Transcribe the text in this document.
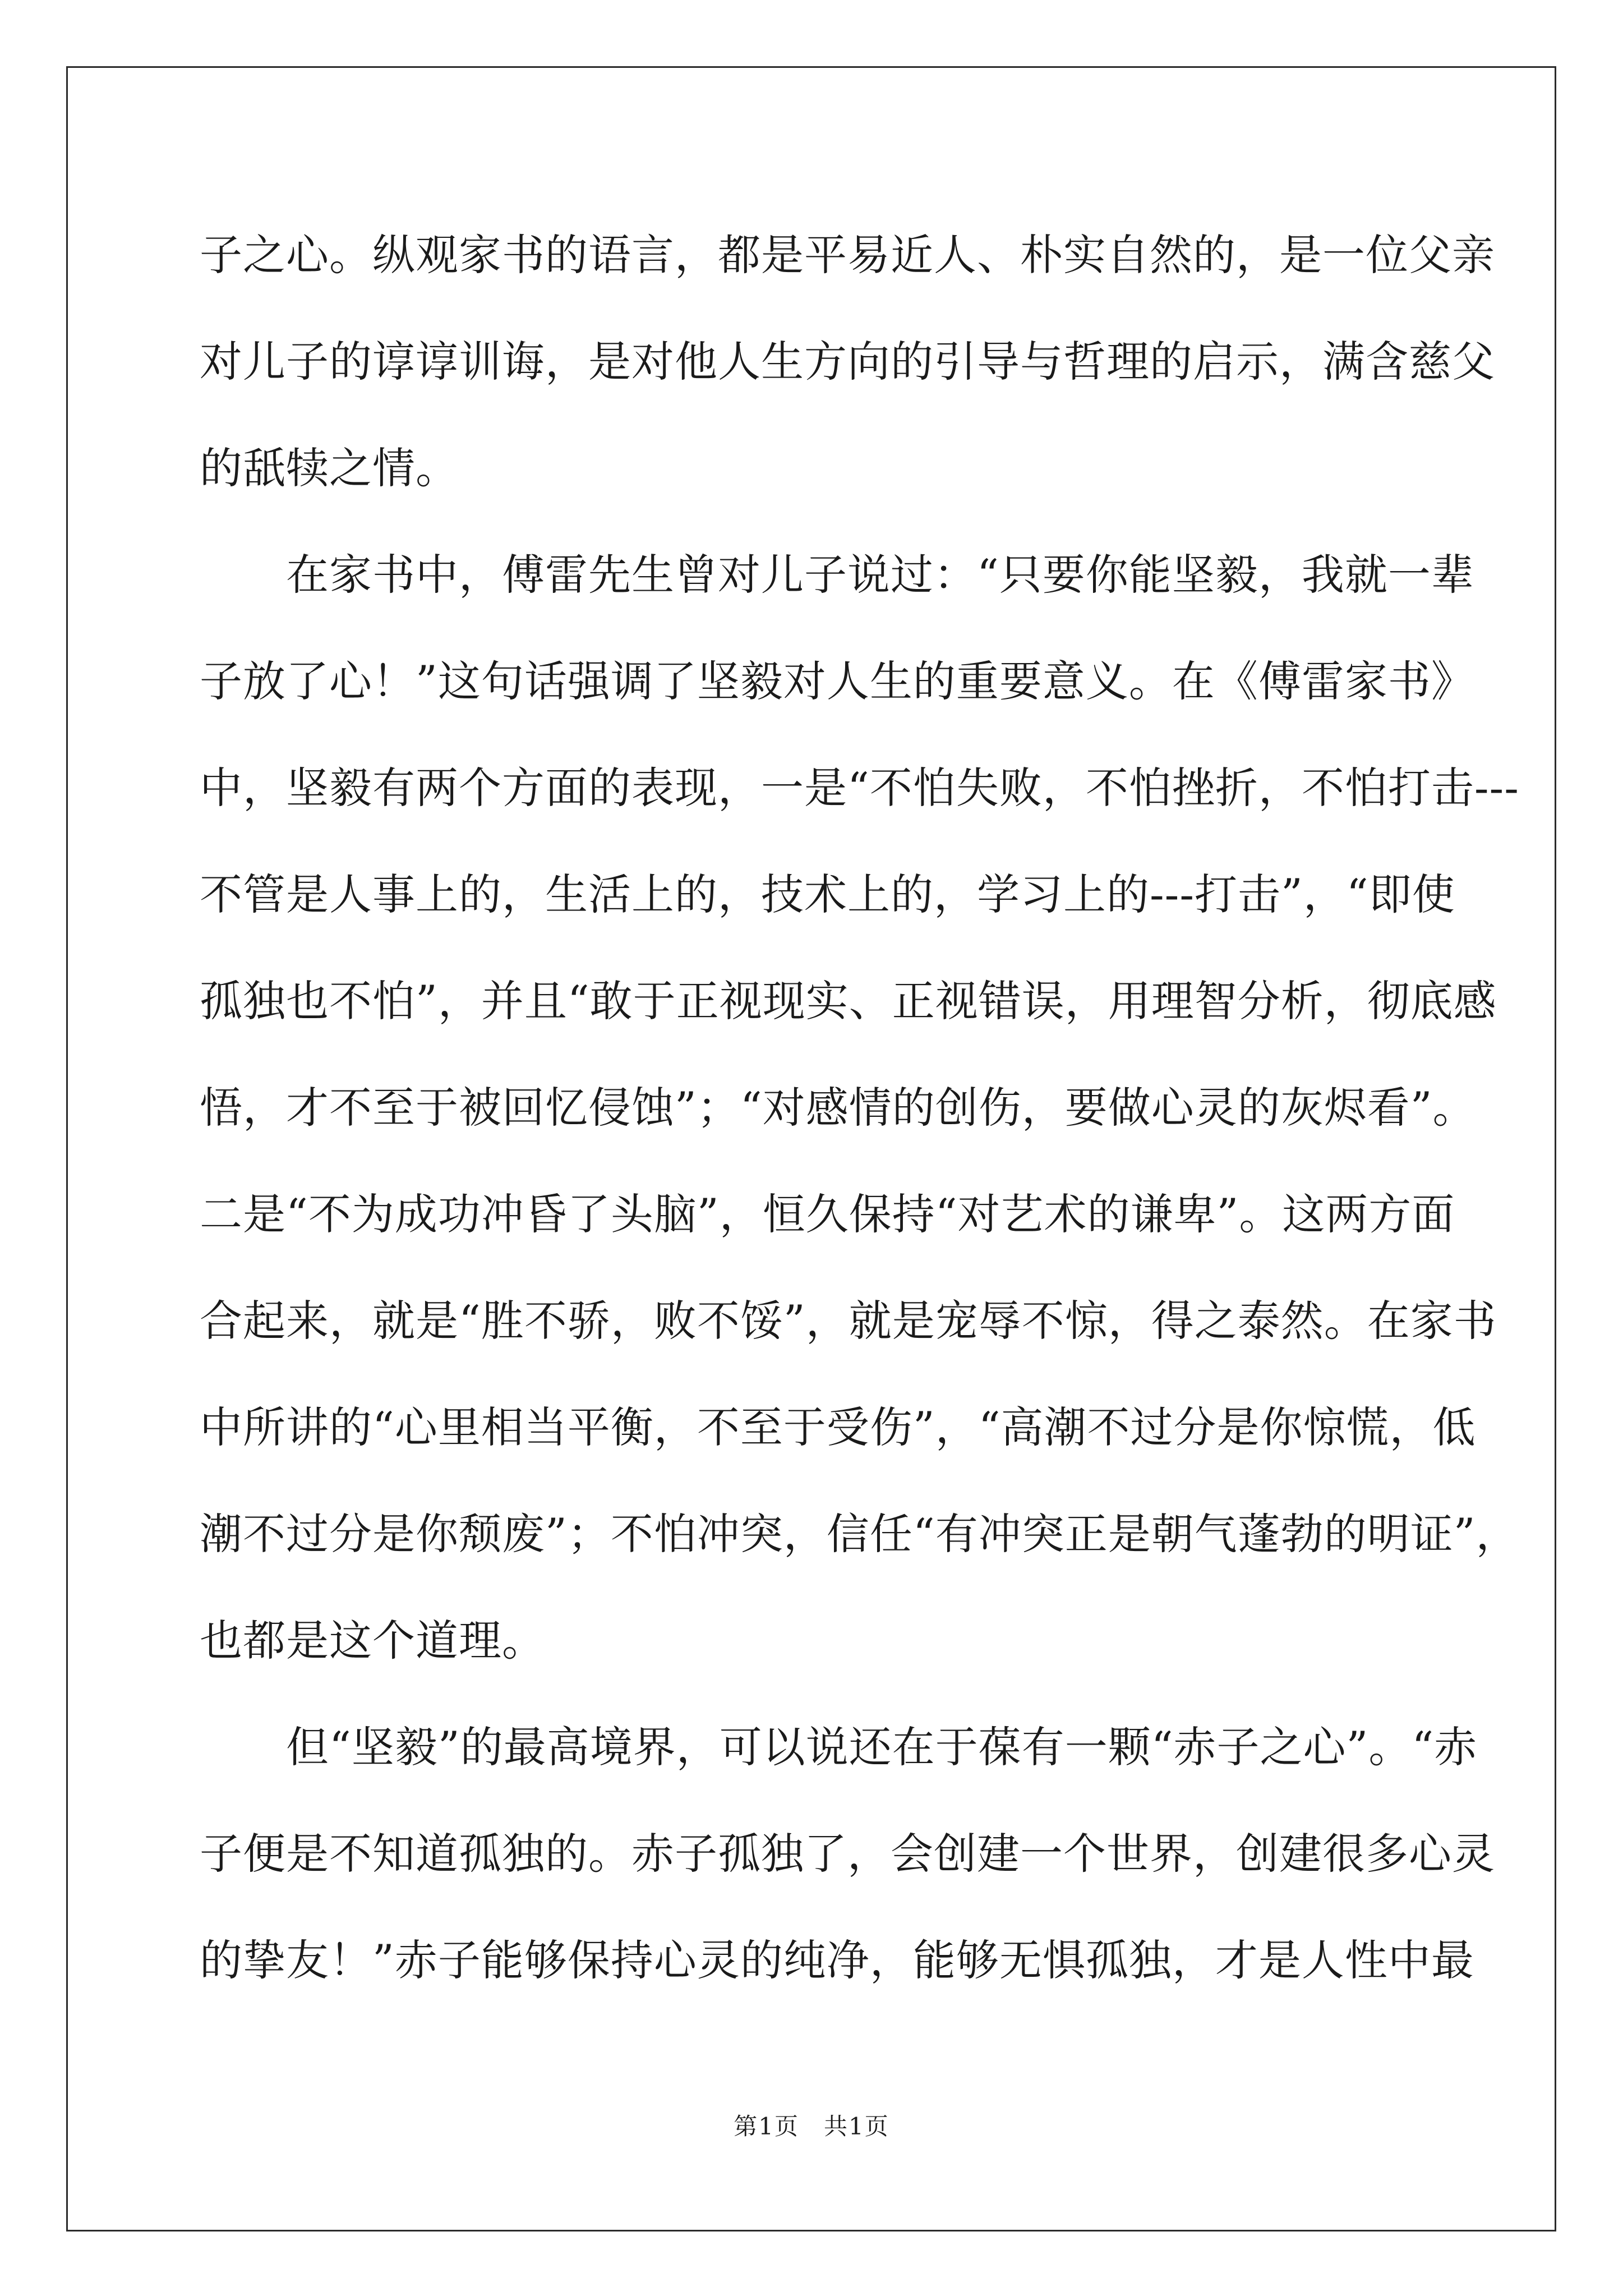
子之心。纵观家书的语言，都是平易近人、朴实自然的，是一位父亲
对儿子的谆谆训诲，是对他人生方向的引导与哲理的启示，满含慈父
的舐犊之情。
　　在家书中，傅雷先生曾对儿子说过：“只要你能坚毅，我就一辈
子放了心！”这句话强调了坚毅对人生的重要意义。在《傅雷家书》
中，坚毅有两个方面的表现，一是“不怕失败，不怕挫折，不怕打击---
不管是人事上的，生活上的，技术上的，学习上的---打击”，“即使
孤独也不怕”，并且“敢于正视现实、正视错误，用理智分析，彻底感
悟，才不至于被回忆侵蚀”；“对感情的创伤，要做心灵的灰烬看”。
二是“不为成功冲昏了头脑”，恒久保持“对艺术的谦卑”。这两方面
合起来，就是“胜不骄，败不馁”，就是宠辱不惊，得之泰然。在家书
中所讲的“心里相当平衡，不至于受伤”，“高潮不过分是你惊慌，低
潮不过分是你颓废”；不怕冲突，信任“有冲突正是朝气蓬勃的明证”，
也都是这个道理。
　　但“坚毅”的最高境界，可以说还在于葆有一颗“赤子之心”。“赤
子便是不知道孤独的。赤子孤独了，会创建一个世界，创建很多心灵
的挚友！”赤子能够保持心灵的纯净，能够无惧孤独，才是人性中最
第1页　共1页
